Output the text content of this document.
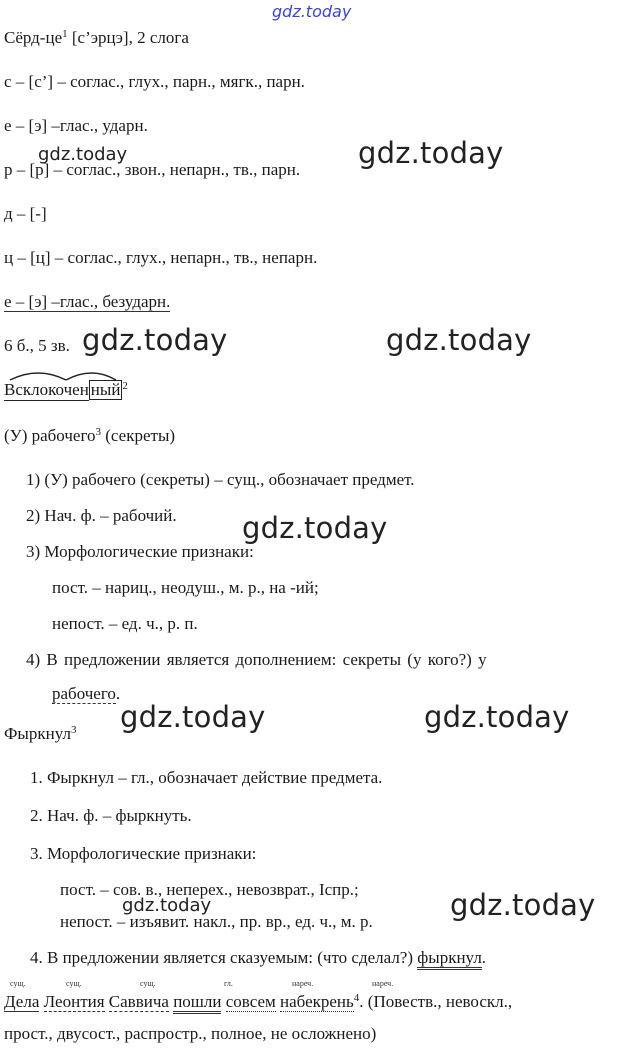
gdz.today
gdz.today	gdz.today
gdz.today	gdz.today
gdz.today
gdz.today	gdz.today
gdz.today	gdz.today
Сёрд-$це^1$ [с’эрцэ], 2 слога
с – [с’] – соглас., глух., парн., мягк., парн.
е – [э] –глас., ударн.
р – [р] – соглас., звон., непарн., тв., парн.
д – [-]
ц – [ц] – соглас., глух., непарн., тв., непарн.
е – [э] –глас., безударн.
6 б., 5 зв.
Всклокочен ный $^2$
(У) рабочего$^3$ (секреты)
1) (У) рабочего (секреты) – сущ., обозначает предмет.
2) Нач. ф. – рабочий.
3) Морфологические признаки:
пост. – нариц., неодуш., м. р., на -ий;
непост. – ед. ч., р. п.
4) В предложении является дополнением: секреты (у кого?) у
рабочего.
Фыркнул$^3$
1. Фыркнул – гл., обозначает действие предмета.
2. Нач. ф. – фыркнуть.
3. Морфологические признаки:
пост. – сов. в., неперех., невозврат., Iспр.;
непост. – изъявит. накл., пр. вр., ед. ч., м. р.
4. В предложении является сказуемым: (что сделал?) фыркнул.
сущ.	сущ.	сущ.	гл.	нареч.	нареч.
Дела Леонтия Саввича пошли совсем набекрень$^4$. (Повеств., невоскл.,
прост., двусост., распростр., полное, не осложнено)
